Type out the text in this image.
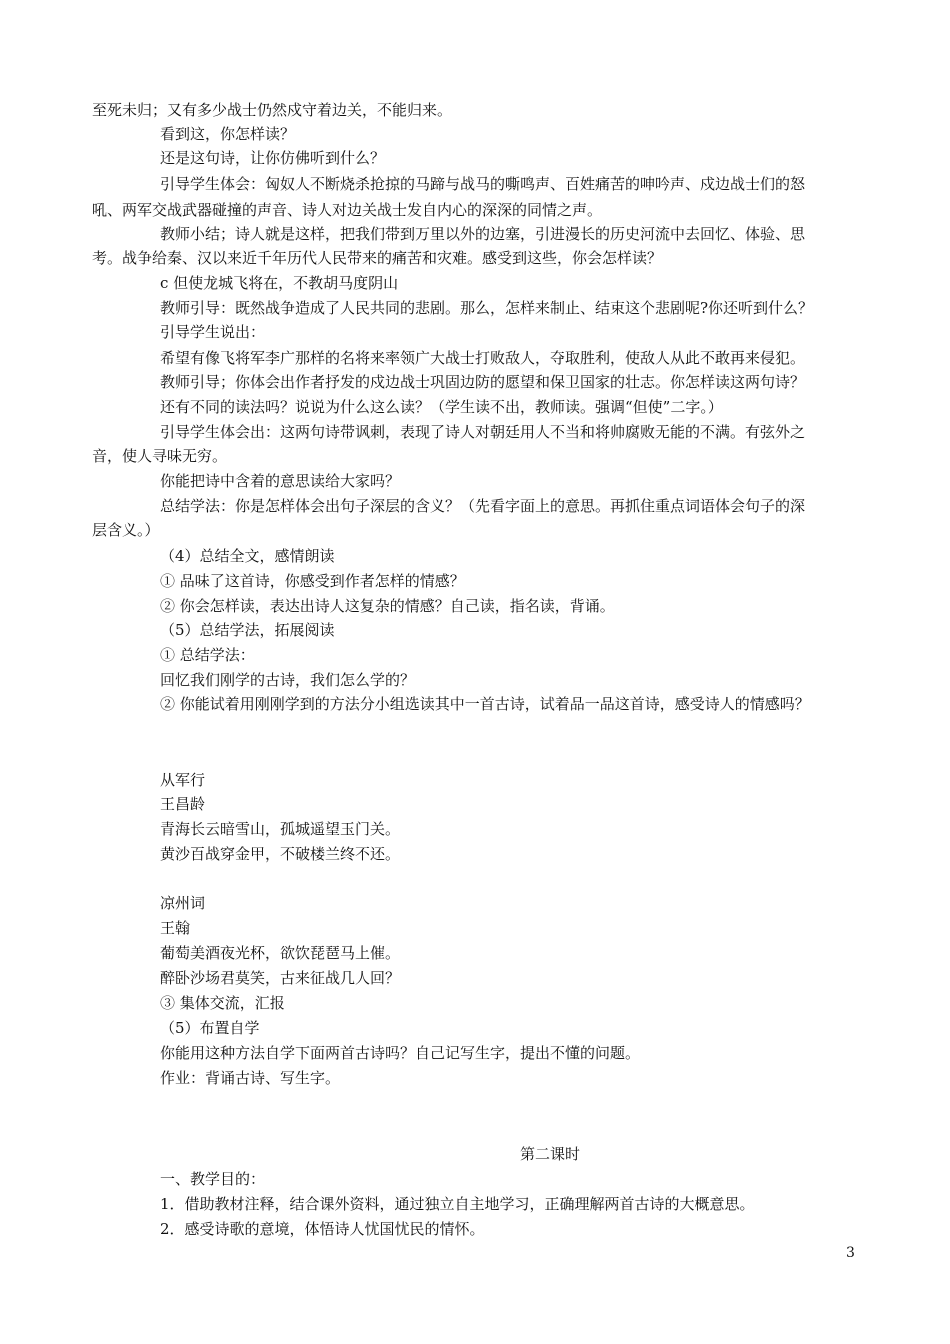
至死未归；又有多少战士仍然戍守着边关，不能归来。
看到这，你怎样读？
还是这句诗，让你仿佛听到什么？
引导学生体会：匈奴人不断烧杀抢掠的马蹄与战马的嘶鸣声、百姓痛苦的呻吟声、戍边战士们的怒
吼、两军交战武器碰撞的声音、诗人对边关战士发自内心的深深的同情之声。
教师小结；诗人就是这样，把我们带到万里以外的边塞，引进漫长的历史河流中去回忆、体验、思
考。战争给秦、汉以来近千年历代人民带来的痛苦和灾难。感受到这些，你会怎样读？
c 但使龙城飞将在，不教胡马度阴山
教师引导：既然战争造成了人民共同的悲剧。那么，怎样来制止、结束这个悲剧呢?你还听到什么？
引导学生说出：
希望有像飞将军李广那样的名将来率领广大战士打败敌人，夺取胜利，使敌人从此不敢再来侵犯。
教师引导；你体会出作者抒发的戍边战士巩固边防的愿望和保卫国家的壮志。你怎样读这两句诗？
还有不同的读法吗？说说为什么这么读？（学生读不出，教师读。强调“但使”二字。）
引导学生体会出：这两句诗带讽刺，表现了诗人对朝廷用人不当和将帅腐败无能的不满。有弦外之
音，使人寻味无穷。
你能把诗中含着的意思读给大家吗？
总结学法：你是怎样体会出句子深层的含义？（先看字面上的意思。再抓住重点词语体会句子的深
层含义。）
（4）总结全文，感情朗读
① 品味了这首诗，你感受到作者怎样的情感？
② 你会怎样读，表达出诗人这复杂的情感？自己读，指名读，背诵。
（5）总结学法，拓展阅读
① 总结学法：
回忆我们刚学的古诗，我们怎么学的？
② 你能试着用刚刚学到的方法分小组选读其中一首古诗，试着品一品这首诗，感受诗人的情感吗？
从军行
王昌龄
青海长云暗雪山，孤城遥望玉门关。
黄沙百战穿金甲，不破楼兰终不还。
凉州词
王翰
葡萄美酒夜光杯，欲饮琵琶马上催。
醉卧沙场君莫笑，古来征战几人回？
③ 集体交流，汇报
（5）布置自学
你能用这种方法自学下面两首古诗吗？自己记写生字，提出不懂的问题。
作业：背诵古诗、写生字。
第二课时
一、教学目的：
1．借助教材注释，结合课外资料，通过独立自主地学习，正确理解两首古诗的大概意思。
2．感受诗歌的意境，体悟诗人忧国忧民的情怀。
3
